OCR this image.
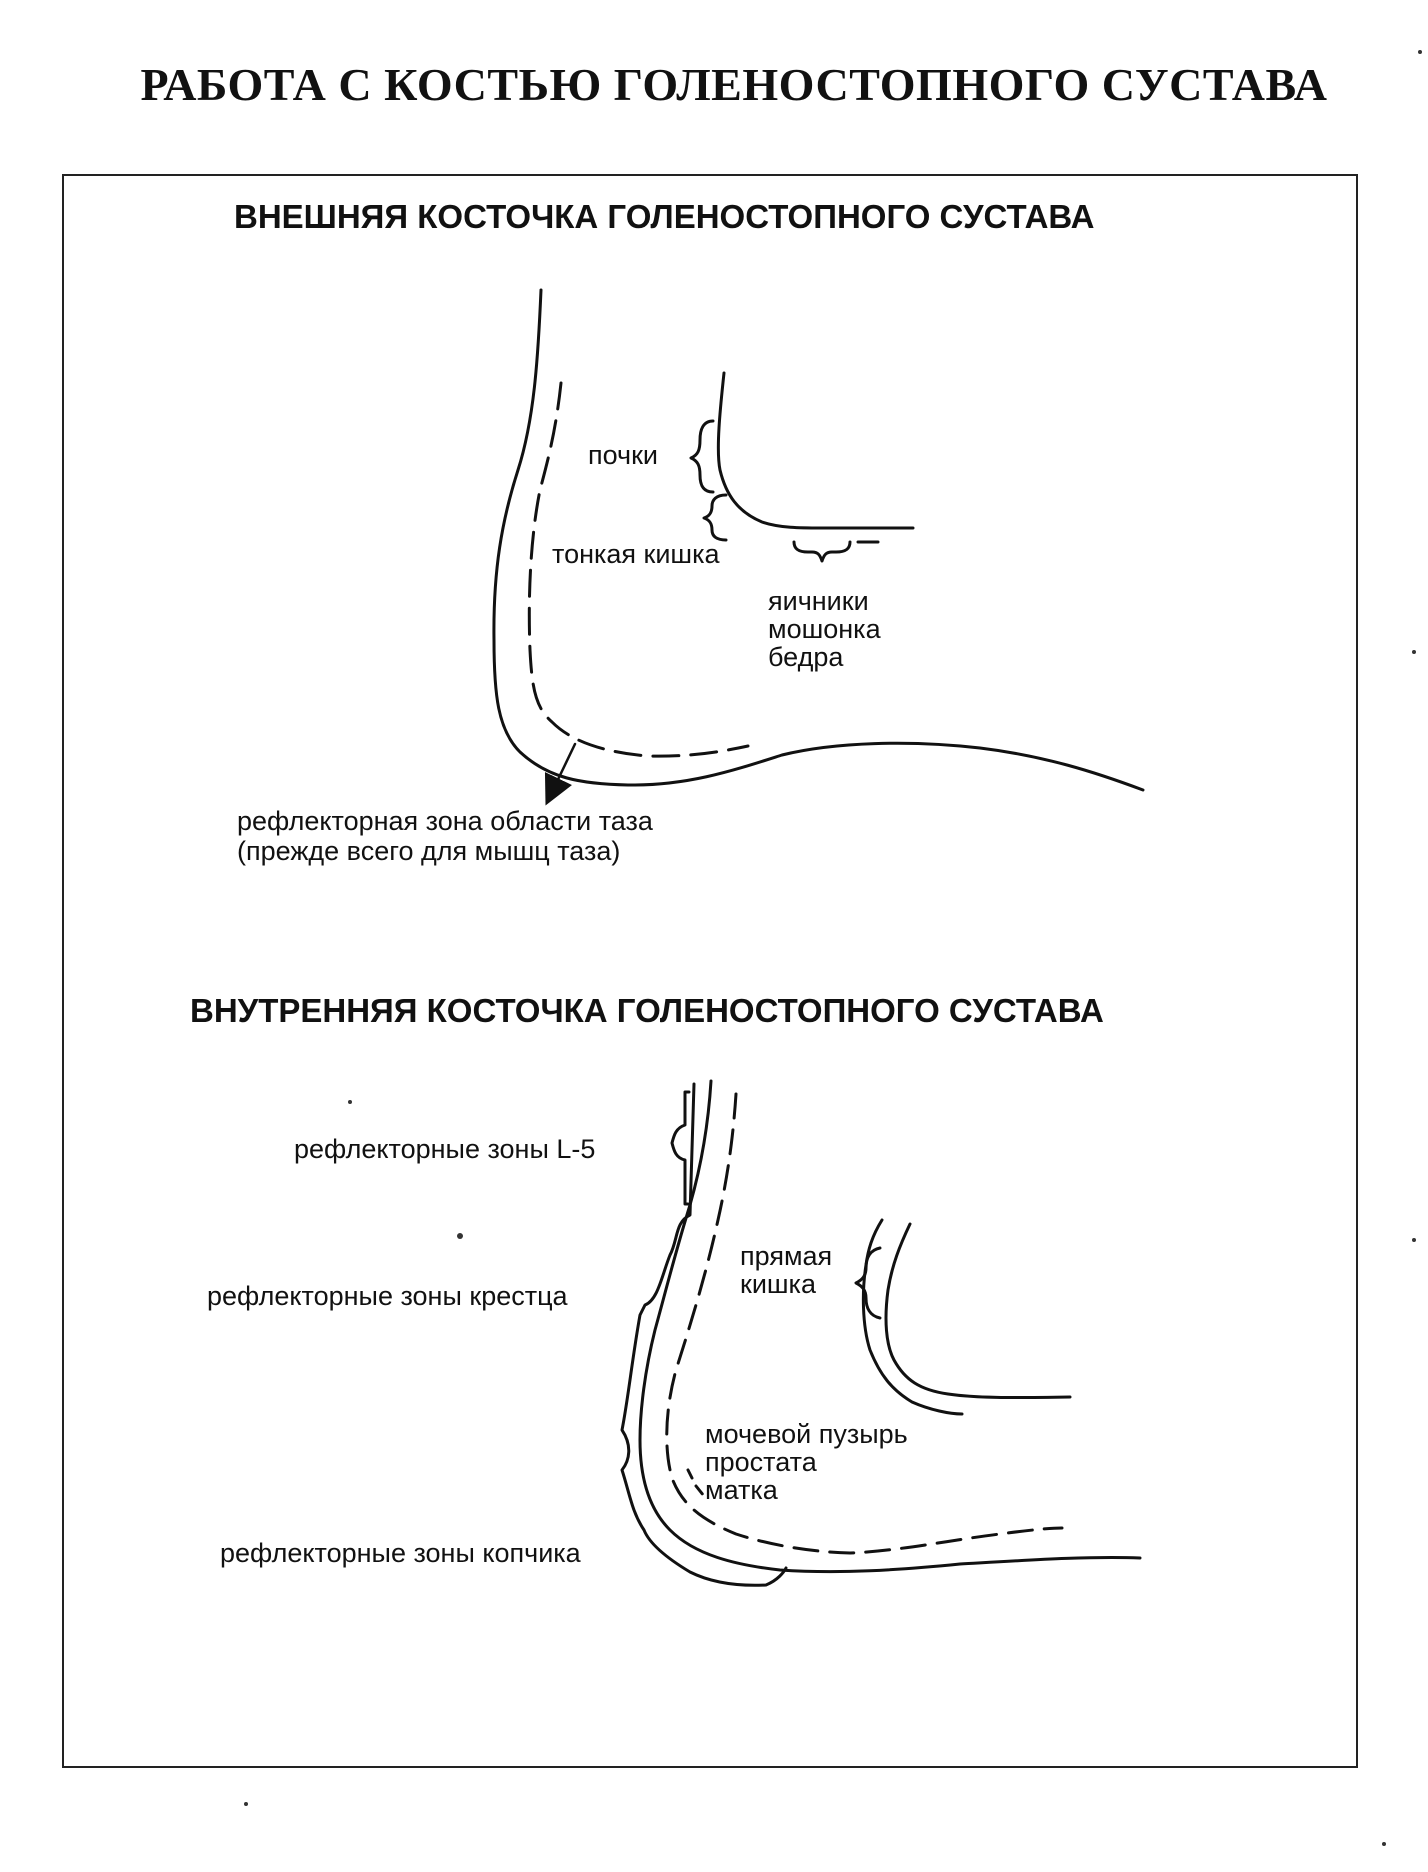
РАБОТА С КОСТЬЮ ГОЛЕНОСТОПНОГО СУСТАВА
ВНЕШНЯЯ КОСТОЧКА ГОЛЕНОСТОПНОГО СУСТАВА
почки
тонкая кишка
яичники
мошонка
бедра
рефлекторная зона области таза
(прежде всего для мышц таза)
ВНУТРЕННЯЯ КОСТОЧКА ГОЛЕНОСТОПНОГО СУСТАВА
рефлекторные зоны L-5
рефлекторные зоны крестца
рефлекторные зоны копчика
прямая
кишка
мочевой пузырь
простата
матка
